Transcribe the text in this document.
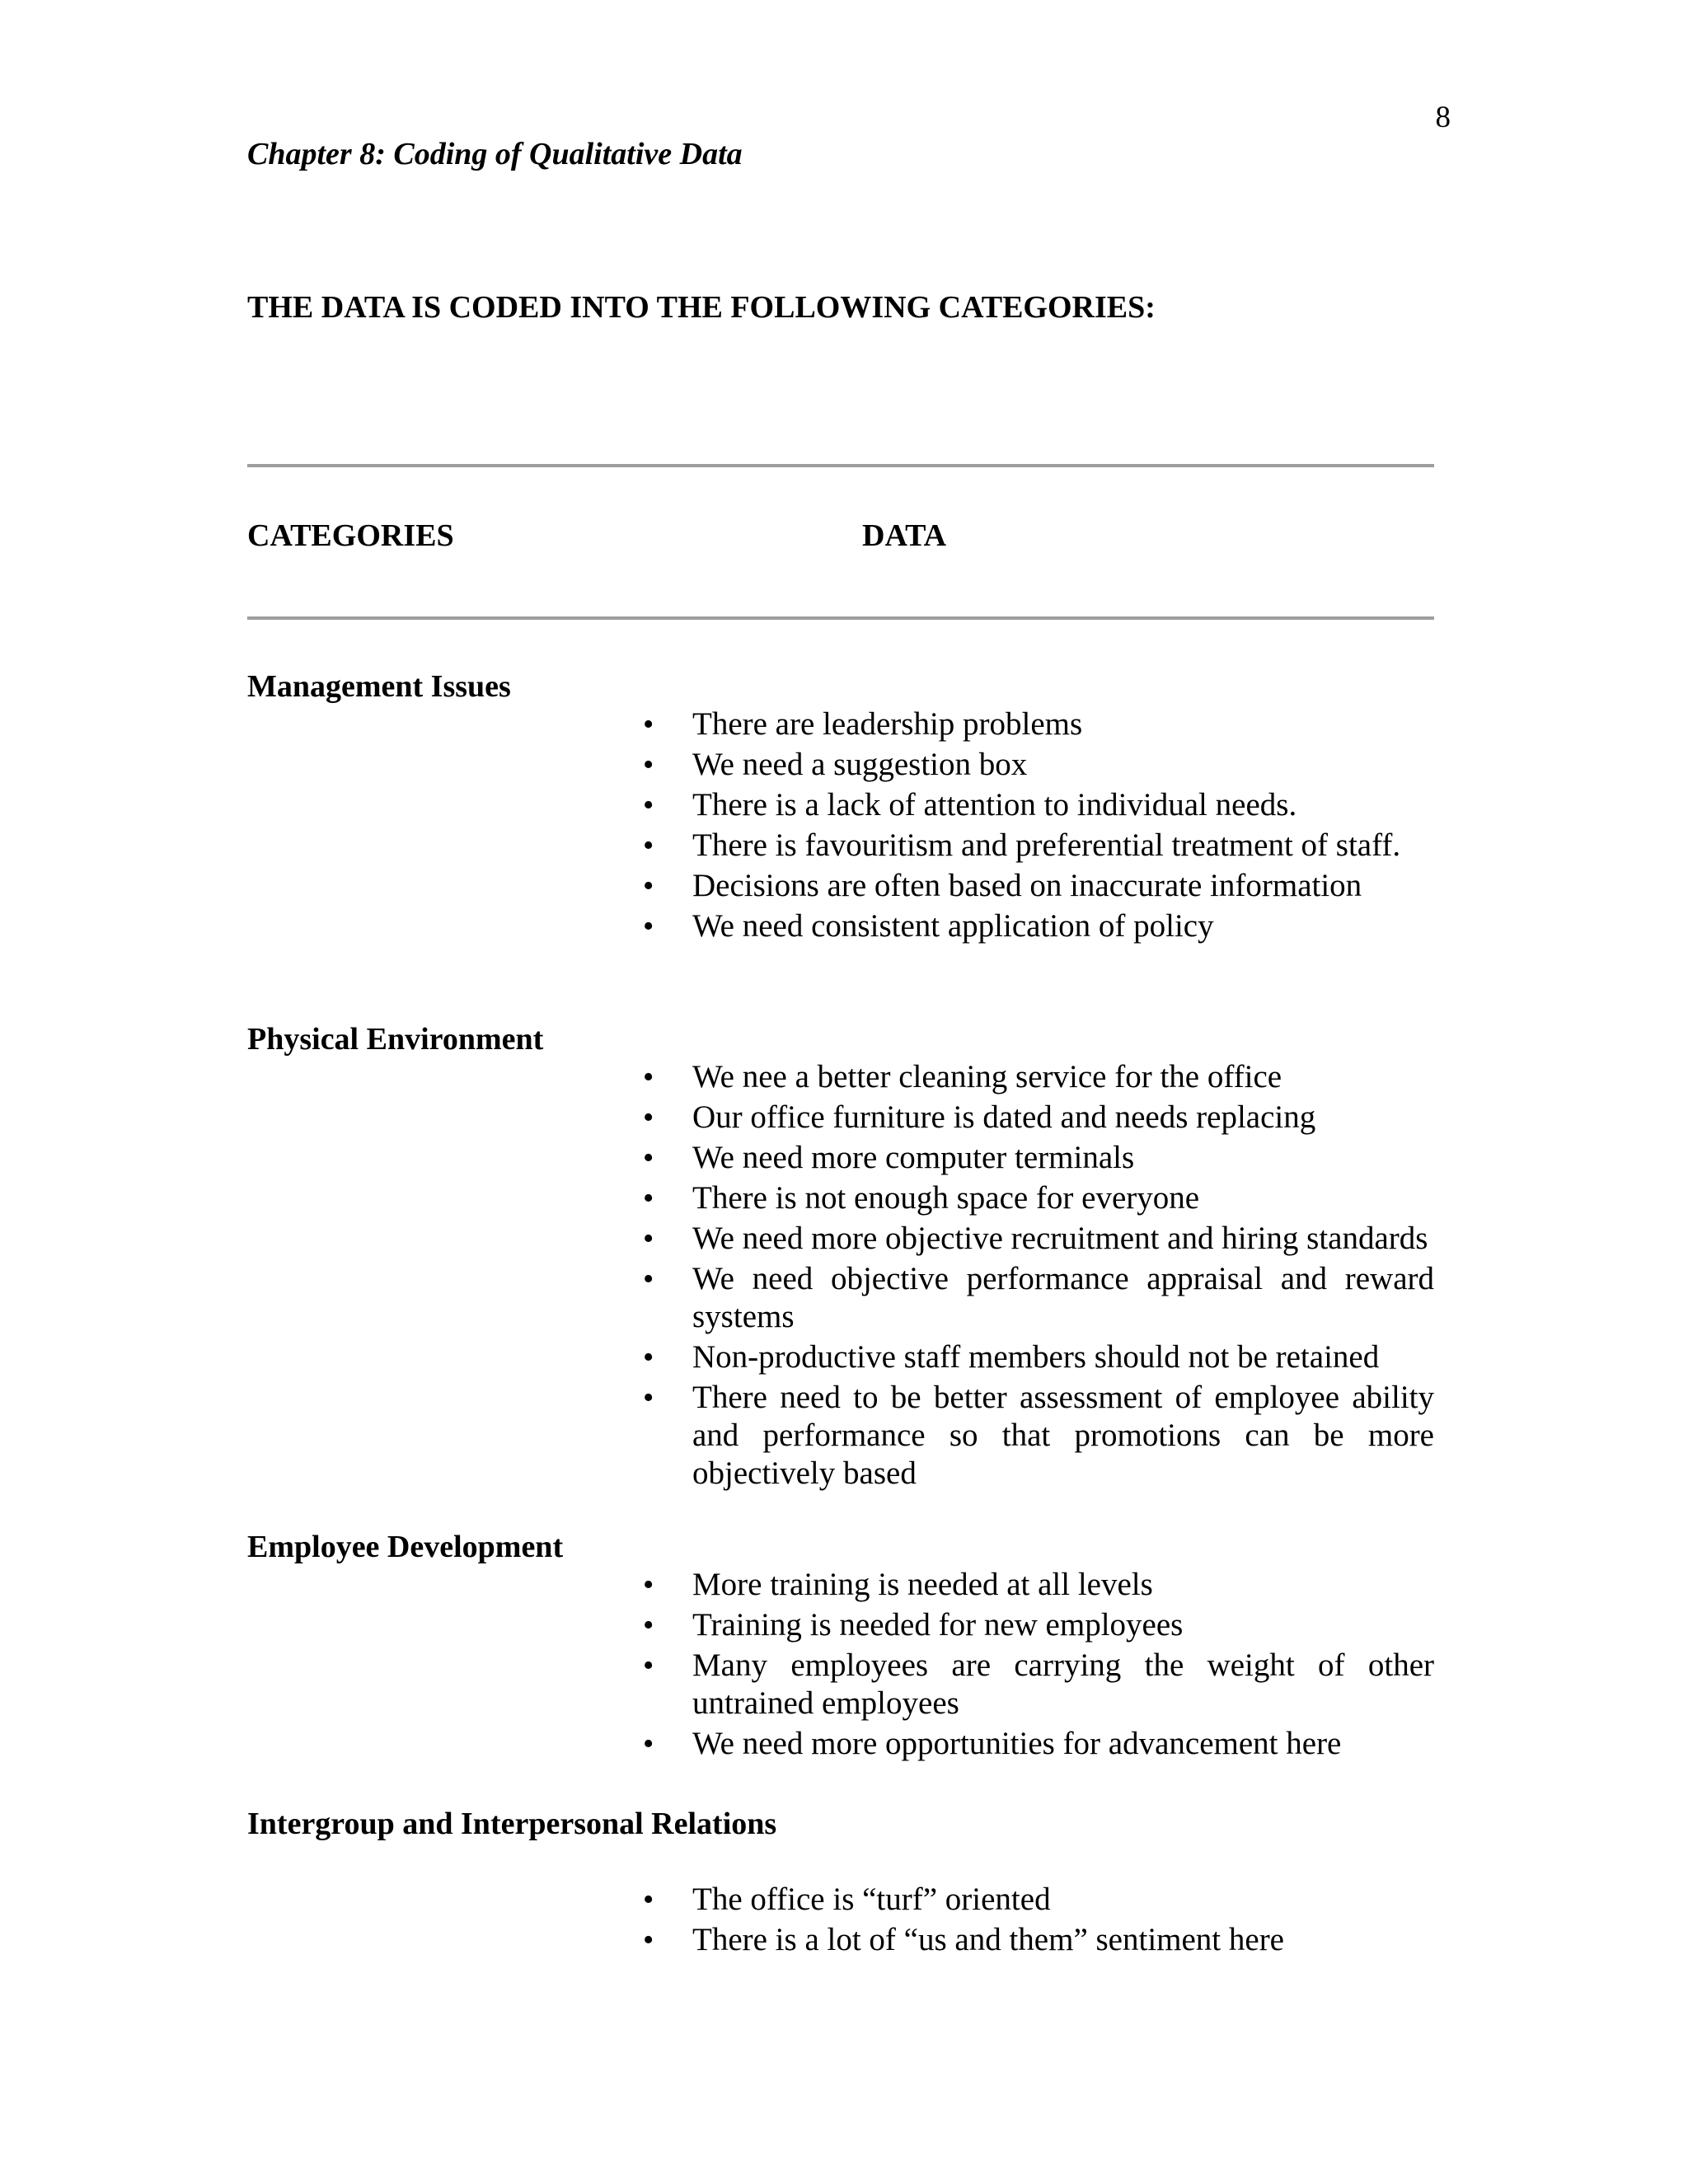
8
Chapter 8: Coding of Qualitative Data
THE DATA IS CODED INTO THE FOLLOWING CATEGORIES:
CATEGORIES	DATA
Management Issues
• There are leadership problems
• We need a suggestion box
• There is a lack of attention to individual needs.
• There is favouritism and preferential treatment of staff.
• Decisions are often based on inaccurate information
• We need consistent application of policy
Physical Environment
• We nee a better cleaning service for the office
• Our office furniture is dated and needs replacing
• We need more computer terminals
• There is not enough space for everyone
• We need more objective recruitment and hiring standards
• We need objective performance appraisal and reward systems
• Non-productive staff members should not be retained
• There need to be better assessment of employee ability and performance so that promotions can be more objectively based
Employee Development
• More training is needed at all levels
• Training is needed for new employees
• Many employees are carrying the weight of other untrained employees
• We need more opportunities for advancement here
Intergroup and Interpersonal Relations
• The office is “turf” oriented
• There is a lot of “us and them” sentiment here
